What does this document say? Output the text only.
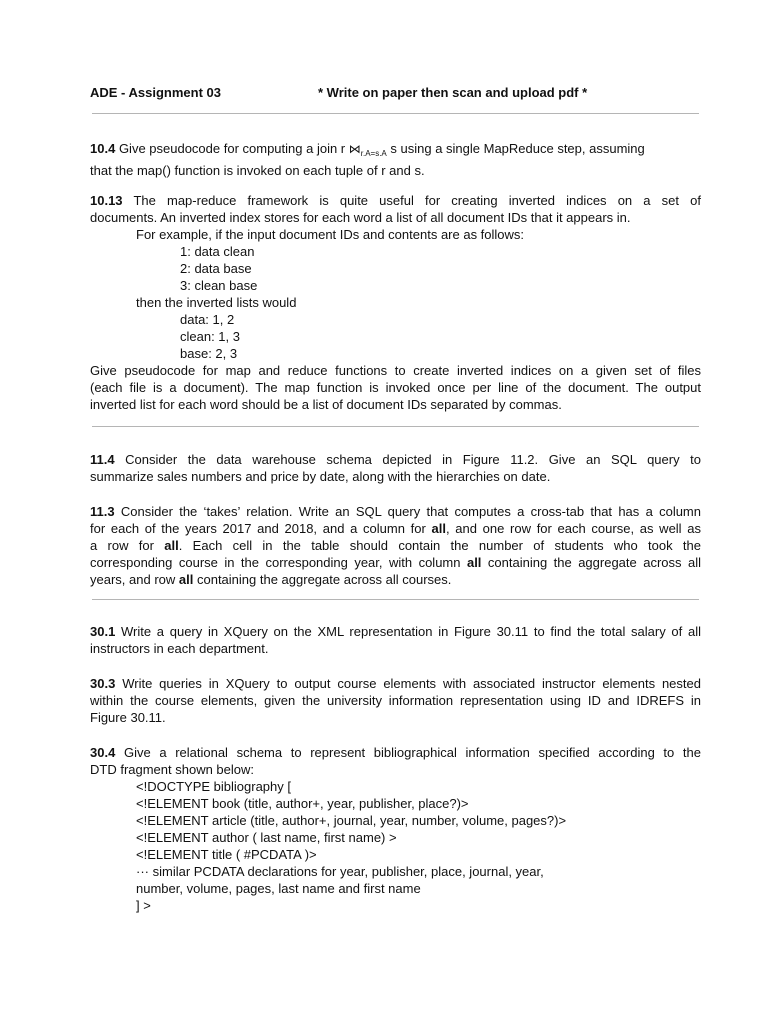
ADE - Assignment 03	* Write on paper then scan and upload pdf *
10.4 Give pseudocode for computing a join r $⋈_{r.A=s.A}$ s using a single MapReduce step, assuming
that the map() function is invoked on each tuple of r and s.
10.13 The map-reduce framework is quite useful for creating inverted indices on a set of
documents. An inverted index stores for each word a list of all document IDs that it appears in.
For example, if the input document IDs and contents are as follows:
1: data clean
2: data base
3: clean base
then the inverted lists would
data: 1, 2
clean: 1, 3
base: 2, 3
Give pseudocode for map and reduce functions to create inverted indices on a given set of files
(each file is a document). The map function is invoked once per line of the document. The output
inverted list for each word should be a list of document IDs separated by commas.
11.4 Consider the data warehouse schema depicted in Figure 11.2. Give an SQL query to
summarize sales numbers and price by date, along with the hierarchies on date.
11.3 Consider the ‘takes’ relation. Write an SQL query that computes a cross-tab that has a column
for each of the years 2017 and 2018, and a column for all, and one row for each course, as well as
a row for all. Each cell in the table should contain the number of students who took the
corresponding course in the corresponding year, with column all containing the aggregate across all
years, and row all containing the aggregate across all courses.
30.1 Write a query in XQuery on the XML representation in Figure 30.11 to find the total salary of all
instructors in each department.
30.3 Write queries in XQuery to output course elements with associated instructor elements nested
within the course elements, given the university information representation using ID and IDREFS in
Figure 30.11.
30.4 Give a relational schema to represent bibliographical information specified according to the
DTD fragment shown below:
<!DOCTYPE bibliography [
<!ELEMENT book (title, author+, year, publisher, place?)>
<!ELEMENT article (title, author+, journal, year, number, volume, pages?)>
<!ELEMENT author ( last name, first name) >
<!ELEMENT title ( #PCDATA )>
··· similar PCDATA declarations for year, publisher, place, journal, year,
number, volume, pages, last name and first name
] >
